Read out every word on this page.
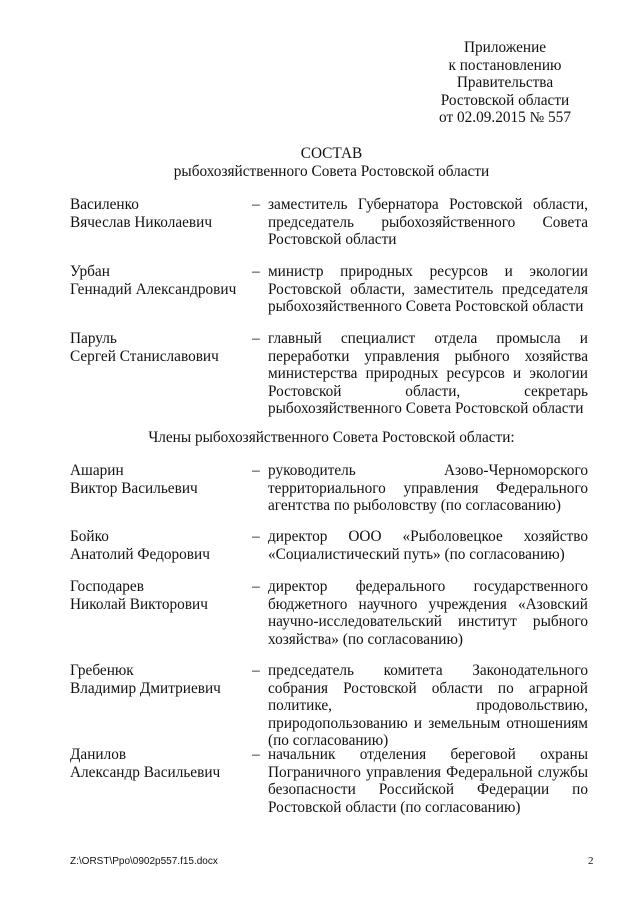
Приложение
к постановлению
Правительства
Ростовской области
от 02.09.2015 № 557
СОСТАВ
рыбохозяйственного Совета Ростовской области
Василенко
Вячеслав Николаевич
– заместитель Губернатора Ростовской области, председатель рыбохозяйственного Совета Ростовской области
Урбан
Геннадий Александрович
– министр природных ресурсов и экологии Ростовской области, заместитель председателя рыбохозяйственного Совета Ростовской области
Паруль
Сергей Станиславович
– главный специалист отдела промысла и переработки управления рыбного хозяйства министерства природных ресурсов и экологии Ростовской области, секретарь рыбохозяйственного Совета Ростовской области
Члены рыбохозяйственного Совета Ростовской области:
Ашарин
Виктор Васильевич
– руководитель Азово-Черноморского территориального управления Федерального агентства по рыболовству (по согласованию)
Бойко
Анатолий Федорович
– директор ООО «Рыболовецкое хозяйство «Социалистический путь» (по согласованию)
Господарев
Николай Викторович
– директор федерального государственного бюджетного научного учреждения «Азовский научно-исследовательский институт рыбного хозяйства» (по согласованию)
Гребенюк
Владимир Дмитриевич
– председатель комитета Законодательного собрания Ростовской области по аграрной политике, продовольствию, природопользованию и земельным отношениям (по согласованию)
Данилов
Александр Васильевич
– начальник отделения береговой охраны Пограничного управления Федеральной службы безопасности Российской Федерации по Ростовской области (по согласованию)
Z:\ORST\Ppo\0902p557.f15.docx	2
